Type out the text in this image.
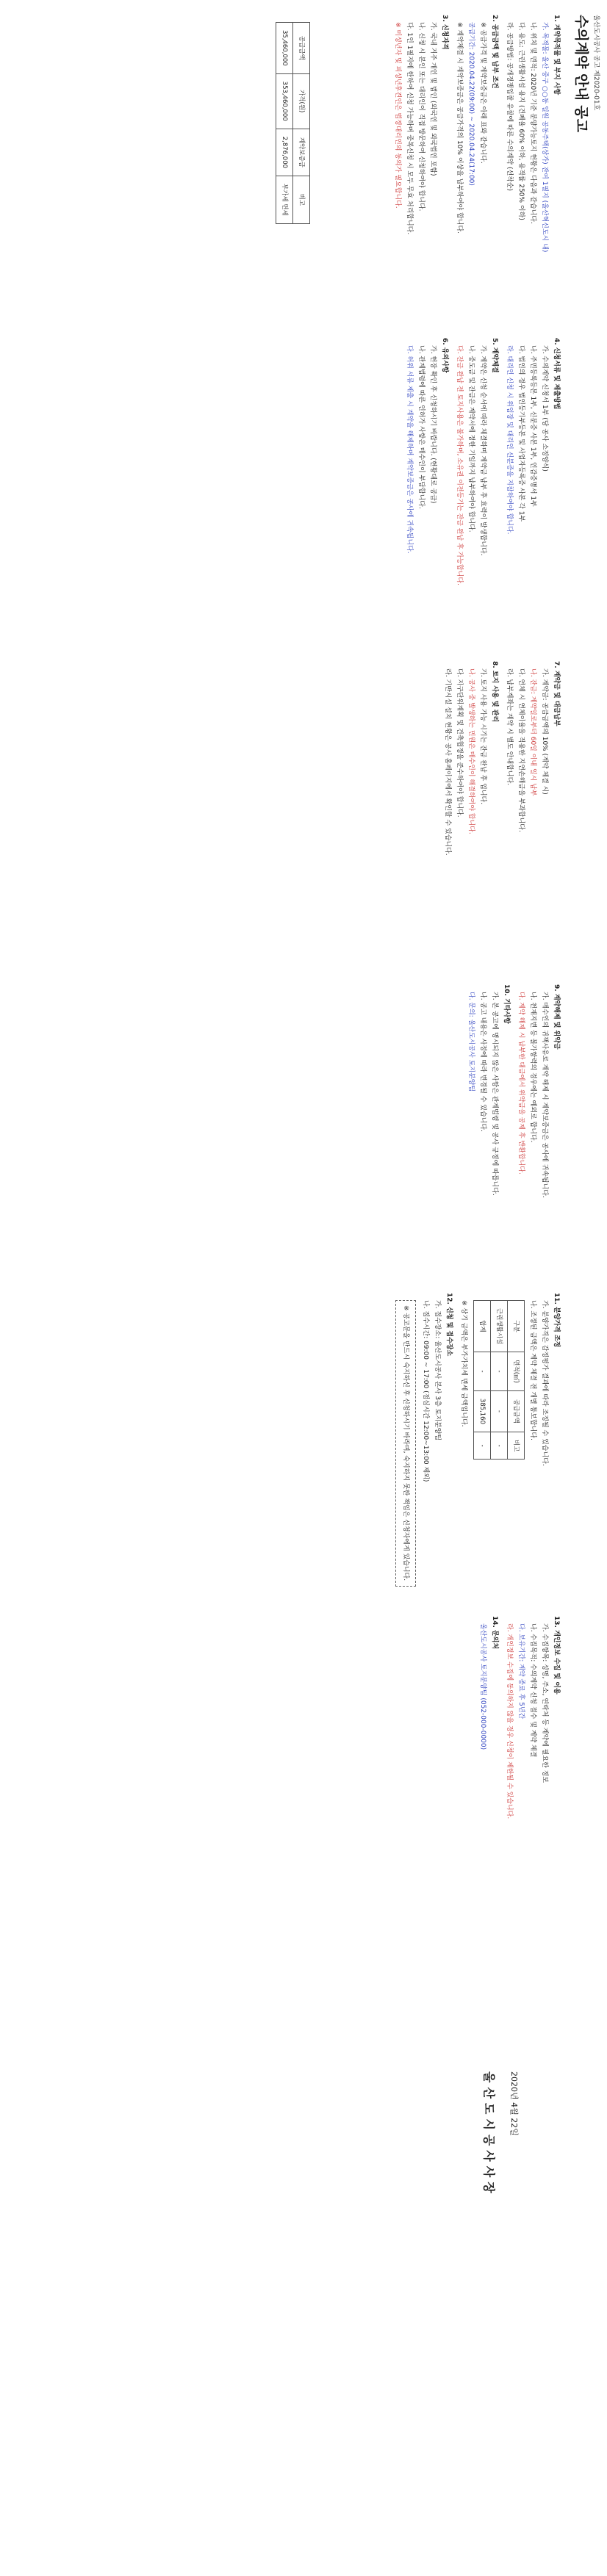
울산도시공사 공고 제2020-01호
수의계약 안내 공고
1. 계약목적물 및 부지 사항
가. 목적물: 울산 중구 ○○동 일원 공동주택(상가) 잔여 1필지 (울산혁신도시 내)
나. 위치 및 면적: 2020년 기준 분양가능토지 현황은 다음과 같습니다.
다. 용도: 근린생활시설 용지 (건폐율 60% 이하, 용적률 250% 이하)
라. 공급방법: 공개경쟁입찰 유찰에 따른 수의계약 (선착순)
2. 공급금액 및 납부 조건
※ 공급가격 및 계약보증금은 아래 표와 같습니다.
공급기간: 2020.04.22(09:00) ~ 2020.04.24(17:00)
※ 계약체결 시 계약보증금은 공급가격의 10% 이상을 납부하여야 합니다.
3. 신청자격
가. 국내 거주 개인 및 법인 (외국인 및 외국법인 포함)
나. 신청 시 본인 또는 대리인이 직접 방문하여 신청하여야 합니다.
다. 1인 1필지에 한하여 신청 가능하며 중복신청 시 모두 무효 처리합니다.
※ 미성년자 및 피성년후견인은 법정대리인의 동의가 필요합니다.
공급금액	가격(원)	계약보증금	비고
35,460,000	353,460,000	2,876,000	부가세 면세
4. 신청서류 및 제출방법
가. 수의계약 신청서 1부 (당 공사 소정양식)
나. 주민등록등본 1부, 신분증 사본 1부, 인감증명서 1부
다. 법인의 경우 법인등기부등본 및 사업자등록증 사본 각 1부
라. 대리인 신청 시 위임장 및 대리인 신분증을 지참하여야 합니다.
5. 계약체결
가. 계약은 신청 순서에 따라 체결하며 계약금 납부 후 효력이 발생합니다.
나. 중도금 및 잔금은 계약서에 정한 기일까지 납부하여야 합니다.
다. 잔금 완납 전 토지사용은 불가하며, 소유권 이전등기는 잔금 완납 후 가능합니다.
6. 유의사항
가. 현장 확인 후 신청하시기 바랍니다. (현황대로 공급)
나. 관계법령에 따른 인허가 사항은 매수인이 부담합니다.
다. 허위 서류 제출 시 계약을 해제하며 계약보증금은 공사에 귀속됩니다.
7. 계약금 및 대금납부
가. 계약금: 공급금액의 10% (계약 체결 시)
나. 잔금: 계약일로부터 60일 이내 일시 납부
다. 연체 시 연체이율을 적용한 지연손해금을 부과합니다.
라. 납부계좌는 계약 시 별도 안내합니다.
8. 토지 사용 및 관리
가. 토지 사용 가능 시기는 잔금 완납 후 입니다.
나. 공사 중 발생하는 민원은 매수인이 해결하여야 합니다.
다. 지구단위계획 및 건축협정을 준수하여야 합니다.
라. 기반시설 설치 현황은 공사 홈페이지에서 확인할 수 있습니다.
9. 계약해제 및 위약금
가. 매수인의 귀책사유로 계약 해제 시 계약보증금은 공사에 귀속됩니다.
나. 천재지변 등 불가항력의 경우에는 예외로 합니다.
다. 계약 해제 시 납부한 대금에서 위약금을 공제 후 반환합니다.
10. 기타사항
가. 본 공고에 명시되지 않은 사항은 관계법령 및 공사 규정에 따릅니다.
나. 공고 내용은 사정에 따라 변경될 수 있습니다.
다. 문의: 울산도시공사 토지분양팀
11. 분양가격 조정
가. 분양가격은 감정평가 결과에 따라 조정될 수 있습니다.
나. 조정된 금액은 계약 체결 전 개별 통보합니다.
구분	면적(㎡)	공급금액	비고
근린생활시설	-	-	-
합계	-	385,160	-
※ 상기 금액은 부가가치세 면세 금액입니다.
12. 신청 및 접수장소
가. 접수장소: 울산도시공사 본사 3층 토지분양팀
나. 접수시간: 09:00 ~ 17:00 (점심시간 12:00~13:00 제외)
※ 공고문을 반드시 숙지하신 후 신청하시기 바라며, 숙지하지 못한 책임은 신청자에게 있습니다.
13. 개인정보 수집 및 이용
가. 수집항목: 성명, 주소, 연락처 등 계약에 필요한 정보
나. 수집목적: 수의계약 신청 접수 및 계약 체결
다. 보유기간: 계약 종료 후 5년간
라. 개인정보 수집에 동의하지 않을 경우 신청이 제한될 수 있습니다.
14. 문의처
울산도시공사 토지분양팀 (052-000-0000)
2020년 4월 22일
울산도시공사사장
